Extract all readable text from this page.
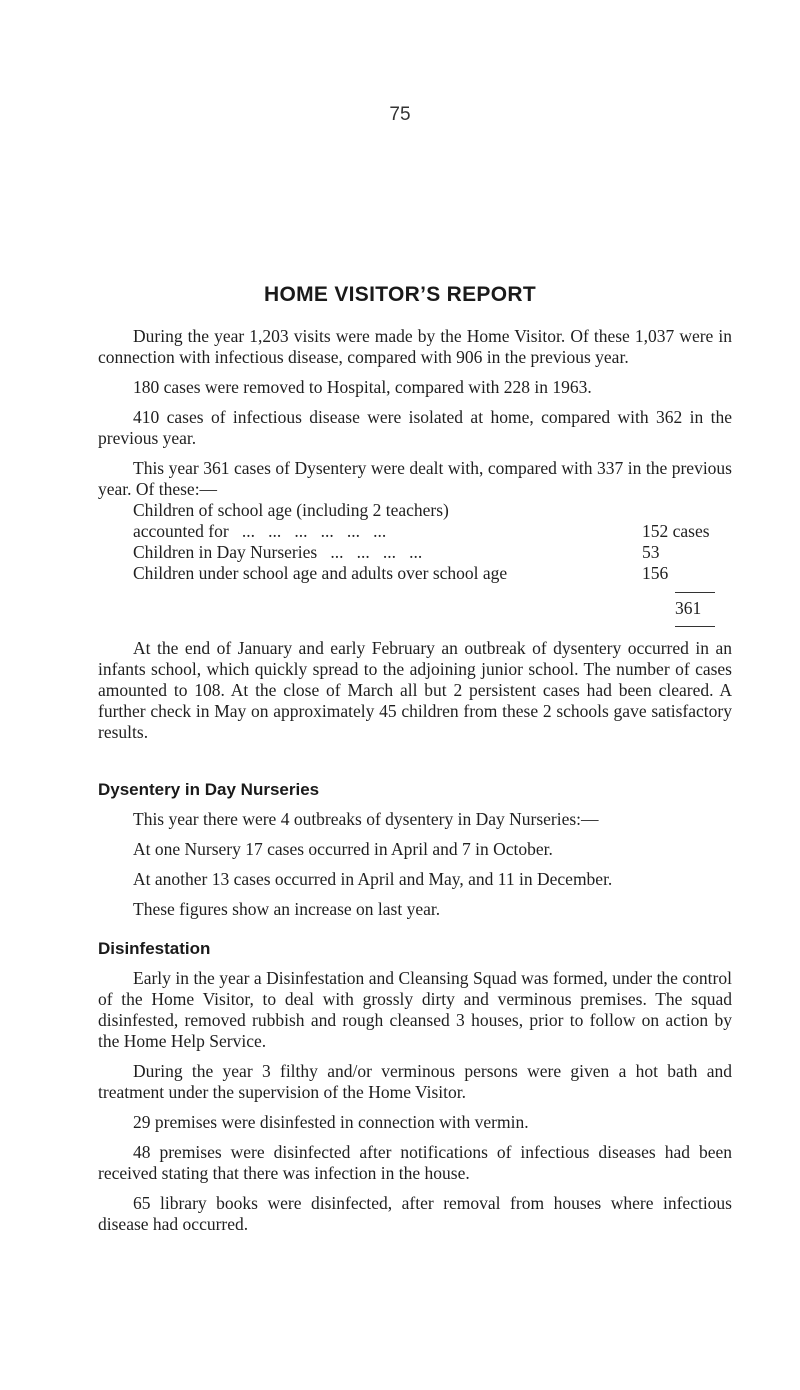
75
HOME VISITOR’S REPORT

During the year 1,203 visits were made by the Home Visitor. Of these 1,037 were in connection with infectious disease, compared with 906 in the previous year.

180 cases were removed to Hospital, compared with 228 in 1963.

410 cases of infectious disease were isolated at home, compared with 362 in the previous year.

This year 361 cases of Dysentery were dealt with, compared with 337 in the previous year. Of these:—

Children of school age (including 2 teachers)
accounted for   ...   ...   ...   ...   ...   ...	152 cases
Children in Day Nurseries   ...   ...   ...   ...	53
Children under school age and adults over school age	156
361

At the end of January and early February an outbreak of dysentery occurred in an infants school, which quickly spread to the adjoining junior school. The number of cases amounted to 108. At the close of March all but 2 persistent cases had been cleared. A further check in May on approximately 45 children from these 2 schools gave satisfactory results.

Dysentery in Day Nurseries

This year there were 4 outbreaks of dysentery in Day Nurseries:—

At one Nursery 17 cases occurred in April and 7 in October.

At another 13 cases occurred in April and May, and 11 in December.

These figures show an increase on last year.

Disinfestation

Early in the year a Disinfestation and Cleansing Squad was formed, under the control of the Home Visitor, to deal with grossly dirty and verminous premises. The squad disinfested, removed rubbish and rough cleansed 3 houses, prior to follow on action by the Home Help Service.

During the year 3 filthy and/or verminous persons were given a hot bath and treatment under the supervision of the Home Visitor.

29 premises were disinfested in connection with vermin.

48 premises were disinfected after notifications of infectious diseases had been received stating that there was infection in the house.

65 library books were disinfected, after removal from houses where infectious disease had occurred.
